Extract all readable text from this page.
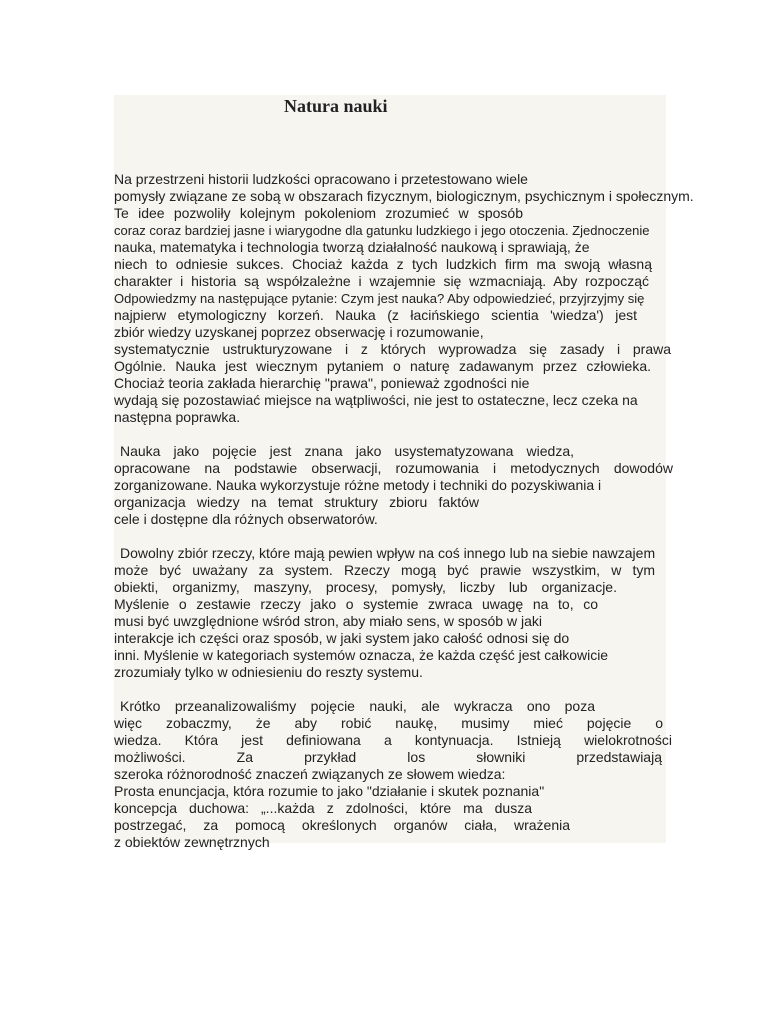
Natura nauki
Na przestrzeni historii ludzkości opracowano i przetestowano wiele
pomysły związane ze sobą w obszarach fizycznym, biologicznym, psychicznym i społecznym.
Te idee pozwoliły kolejnym pokoleniom zrozumieć w sposób
coraz coraz bardziej jasne i wiarygodne dla gatunku ludzkiego i jego otoczenia. Zjednoczenie
nauka, matematyka i technologia tworzą działalność naukową i sprawiają, że
niech to odniesie sukces. Chociaż każda z tych ludzkich firm ma swoją własną
charakter i historia są współzależne i wzajemnie się wzmacniają. Aby rozpocząć
Odpowiedzmy na następujące pytanie: Czym jest nauka? Aby odpowiedzieć, przyjrzyjmy się
najpierw etymologiczny korzeń. Nauka (z łacińskiego scientia 'wiedza') jest
zbiór wiedzy uzyskanej poprzez obserwację i rozumowanie,
systematycznie ustrukturyzowane i z których wyprowadza się zasady i prawa
Ogólnie. Nauka jest wiecznym pytaniem o naturę zadawanym przez człowieka.
Chociaż teoria zakłada hierarchię "prawa", ponieważ zgodności nie
wydają się pozostawiać miejsce na wątpliwości, nie jest to ostateczne, lecz czeka na
następna poprawka.
Nauka jako pojęcie jest znana jako usystematyzowana wiedza,
opracowane na podstawie obserwacji, rozumowania i metodycznych dowodów
zorganizowane. Nauka wykorzystuje różne metody i techniki do pozyskiwania i
organizacja wiedzy na temat struktury zbioru faktów
cele i dostępne dla różnych obserwatorów.
Dowolny zbiór rzeczy, które mają pewien wpływ na coś innego lub na siebie nawzajem
może być uważany za system. Rzeczy mogą być prawie wszystkim, w tym
obiekti, organizmy, maszyny, procesy, pomysły, liczby lub organizacje.
Myślenie o zestawie rzeczy jako o systemie zwraca uwagę na to, co
musi być uwzględnione wśród stron, aby miało sens, w sposób w jaki
interakcje ich części oraz sposób, w jaki system jako całość odnosi się do
inni. Myślenie w kategoriach systemów oznacza, że każda część jest całkowicie
zrozumiały tylko w odniesieniu do reszty systemu.
Krótko przeanalizowaliśmy pojęcie nauki, ale wykracza ono poza
więc zobaczmy, że aby robić naukę, musimy mieć pojęcie o
wiedza. Która jest definiowana a kontynuacja. Istnieją wielokrotności
możliwości. Za przykład los słowniki przedstawiają
szeroka różnorodność znaczeń związanych ze słowem wiedza:
Prosta enuncjacja, która rozumie to jako "działanie i skutek poznania"
koncepcja duchowa: „...każda z zdolności, które ma dusza
postrzegać, za pomocą określonych organów ciała, wrażenia
z obiektów zewnętrznych
